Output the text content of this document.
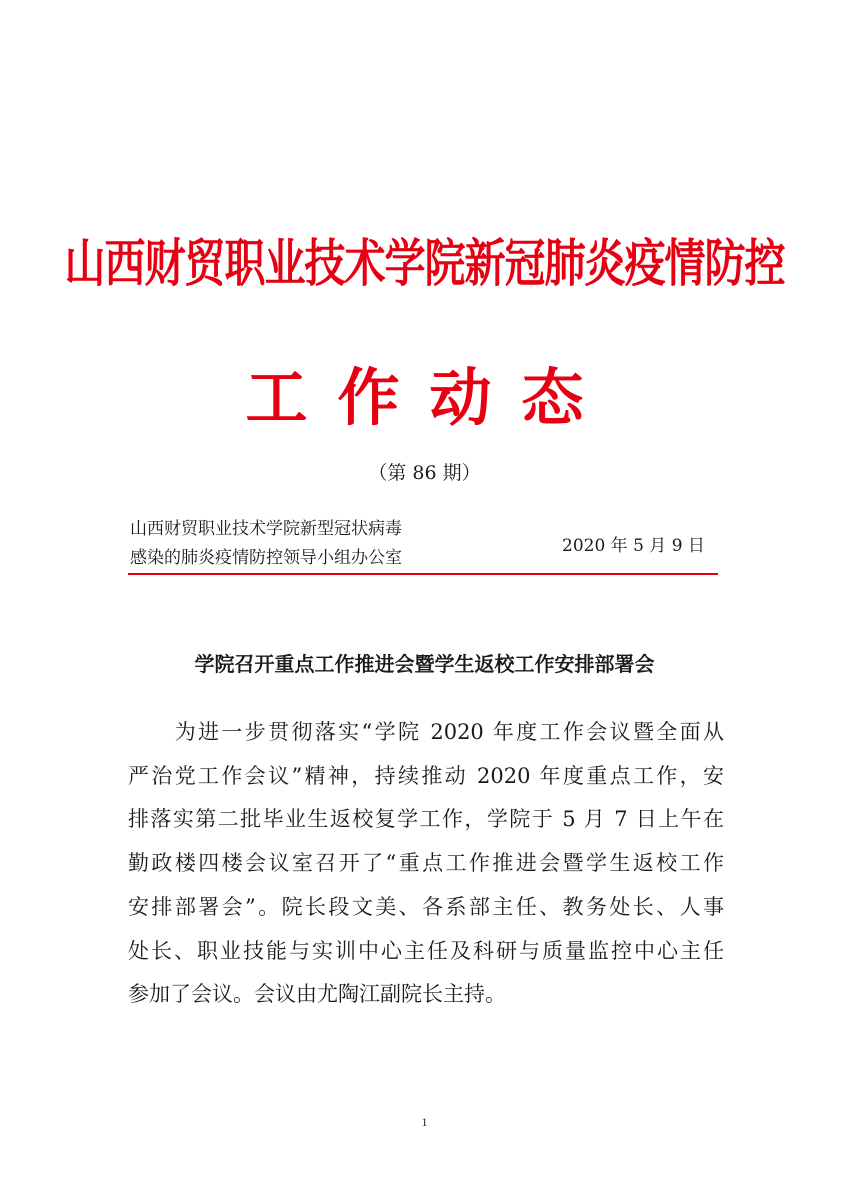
山西财贸职业技术学院新冠肺炎疫情防控
工作动态
（第 86 期）
山西财贸职业技术学院新型冠状病毒
感染的肺炎疫情防控领导小组办公室
2020 年 5 月 9 日
学院召开重点工作推进会暨学生返校工作安排部署会
　　为进一步贯彻落实“学院 2020 年度工作会议暨全面从
严治党工作会议”精神，持续推动 2020 年度重点工作，安
排落实第二批毕业生返校复学工作，学院于 5 月 7 日上午在
勤政楼四楼会议室召开了“重点工作推进会暨学生返校工作
安排部署会”。院长段文美、各系部主任、教务处长、人事
处长、职业技能与实训中心主任及科研与质量监控中心主任
参加了会议。会议由尤陶江副院长主持。
1
